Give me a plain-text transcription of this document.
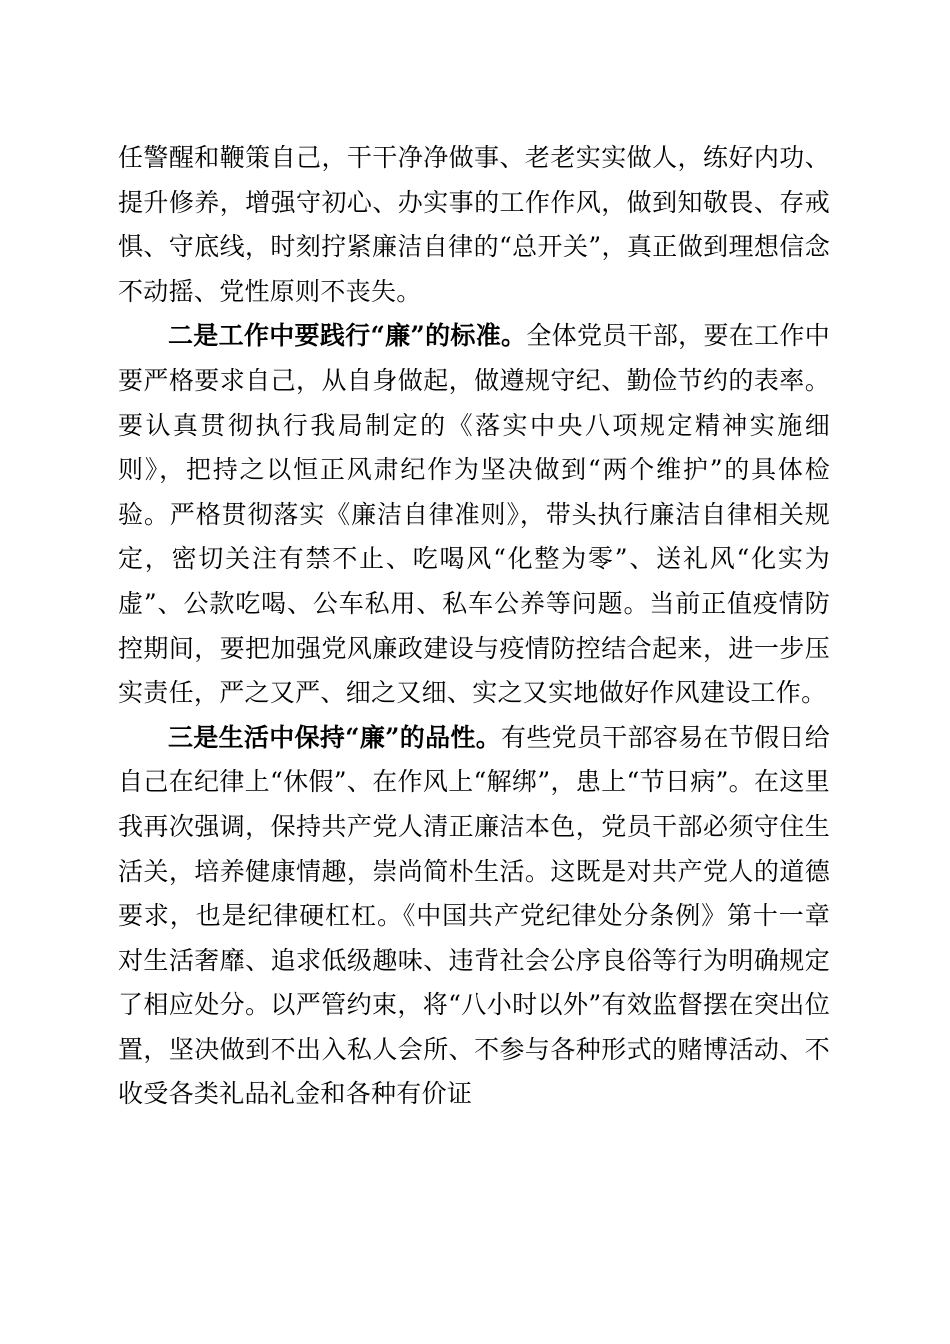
任警醒和鞭策自己，干干净净做事、老老实实做人，练好内功、提升修养，增强守初心、办实事的工作作风，做到知敬畏、存戒惧、守底线，时刻拧紧廉洁自律的“总开关”，真正做到理想信念不动摇、党性原则不丧失。

二是工作中要践行“廉”的标准。全体党员干部，要在工作中要严格要求自己，从自身做起，做遵规守纪、勤俭节约的表率。要认真贯彻执行我局制定的《落实中央八项规定精神实施细则》，把持之以恒正风肃纪作为坚决做到“两个维护”的具体检验。严格贯彻落实《廉洁自律准则》，带头执行廉洁自律相关规定，密切关注有禁不止、吃喝风“化整为零”、送礼风“化实为虚”、公款吃喝、公车私用、私车公养等问题。当前正值疫情防控期间，要把加强党风廉政建设与疫情防控结合起来，进一步压实责任，严之又严、细之又细、实之又实地做好作风建设工作。

三是生活中保持“廉”的品性。有些党员干部容易在节假日给自己在纪律上“休假”、在作风上“解绑”，患上“节日病”。在这里我再次强调，保持共产党人清正廉洁本色，党员干部必须守住生活关，培养健康情趣，崇尚简朴生活。这既是对共产党人的道德要求，也是纪律硬杠杠。《中国共产党纪律处分条例》第十一章对生活奢靡、追求低级趣味、违背社会公序良俗等行为明确规定了相应处分。以严管约束，将“八小时以外”有效监督摆在突出位置，坚决做到不出入私人会所、不参与各种形式的赌博活动、不收受各类礼品礼金和各种有价证
